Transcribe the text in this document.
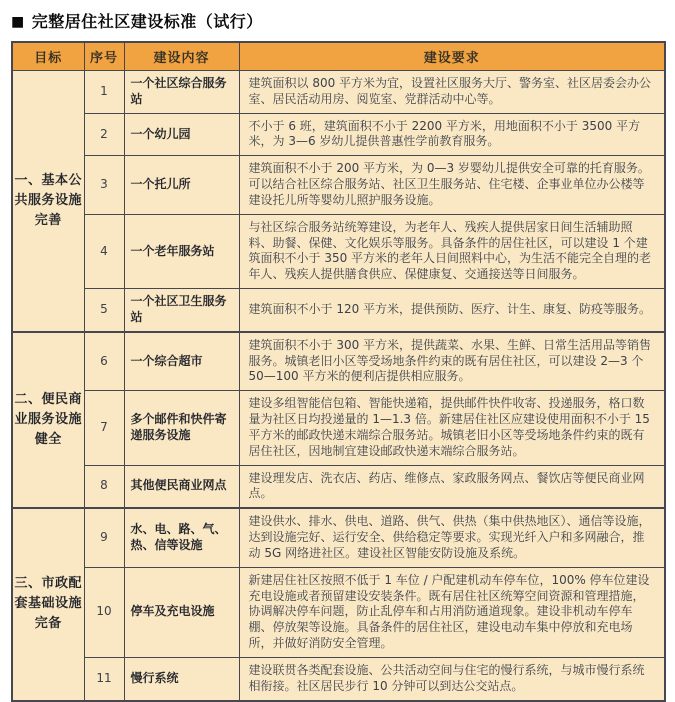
■ 完整居住社区建设标准（试行）
目标	序号	建设内容	建设要求
一、基本公共服务设施完善	1	一个社区综合服务站	建筑面积以 800 平方米为宜，设置社区服务大厅、警务室、社区居委会办公室、居民活动用房、阅览室、党群活动中心等。
	2	一个幼儿园	不小于 6 班，建筑面积不小于 2200 平方米，用地面积不小于 3500 平方米，为 3—6 岁幼儿提供普惠性学前教育服务。
	3	一个托儿所	建筑面积不小于 200 平方米，为 0—3 岁婴幼儿提供安全可靠的托育服务。可以结合社区综合服务站、社区卫生服务站、住宅楼、企事业单位办公楼等建设托儿所等婴幼儿照护服务设施。
	4	一个老年服务站	与社区综合服务站统筹建设，为老年人、残疾人提供居家日间生活辅助照料、助餐、保健、文化娱乐等服务。具备条件的居住社区，可以建设 1 个建筑面积不小于 350 平方米的老年人日间照料中心，为生活不能完全自理的老年人、残疾人提供膳食供应、保健康复、交通接送等日间服务。
	5	一个社区卫生服务站	建筑面积不小于 120 平方米，提供预防、医疗、计生、康复、防疫等服务。
二、便民商业服务设施健全	6	一个综合超市	建筑面积不小于 300 平方米，提供蔬菜、水果、生鲜、日常生活用品等销售服务。城镇老旧小区等受场地条件约束的既有居住社区，可以建设 2—3 个 50—100 平方米的便利店提供相应服务。
	7	多个邮件和快件寄递服务设施	建设多组智能信包箱、智能快递箱，提供邮件快件收寄、投递服务，格口数量为社区日均投递量的 1—1.3 倍。新建居住社区应建设使用面积不小于 15 平方米的邮政快递末端综合服务站。城镇老旧小区等受场地条件约束的既有居住社区，因地制宜建设邮政快递末端综合服务站。
	8	其他便民商业网点	建设理发店、洗衣店、药店、维修点、家政服务网点、餐饮店等便民商业网点。
三、市政配套基础设施完备	9	水、电、路、气、热、信等设施	建设供水、排水、供电、道路、供气、供热（集中供热地区）、通信等设施，达到设施完好、运行安全、供给稳定等要求。实现光纤入户和多网融合，推动 5G 网络进社区。建设社区智能安防设施及系统。
	10	停车及充电设施	新建居住社区按照不低于 1 车位 / 户配建机动车停车位，100% 停车位建设充电设施或者预留建设安装条件。既有居住社区统筹空间资源和管理措施，协调解决停车问题，防止乱停车和占用消防通道现象。建设非机动车停车棚、停放架等设施。具备条件的居住社区，建设电动车集中停放和充电场所，并做好消防安全管理。
	11	慢行系统	建设联贯各类配套设施、公共活动空间与住宅的慢行系统，与城市慢行系统相衔接。社区居民步行 10 分钟可以到达公交站点。
